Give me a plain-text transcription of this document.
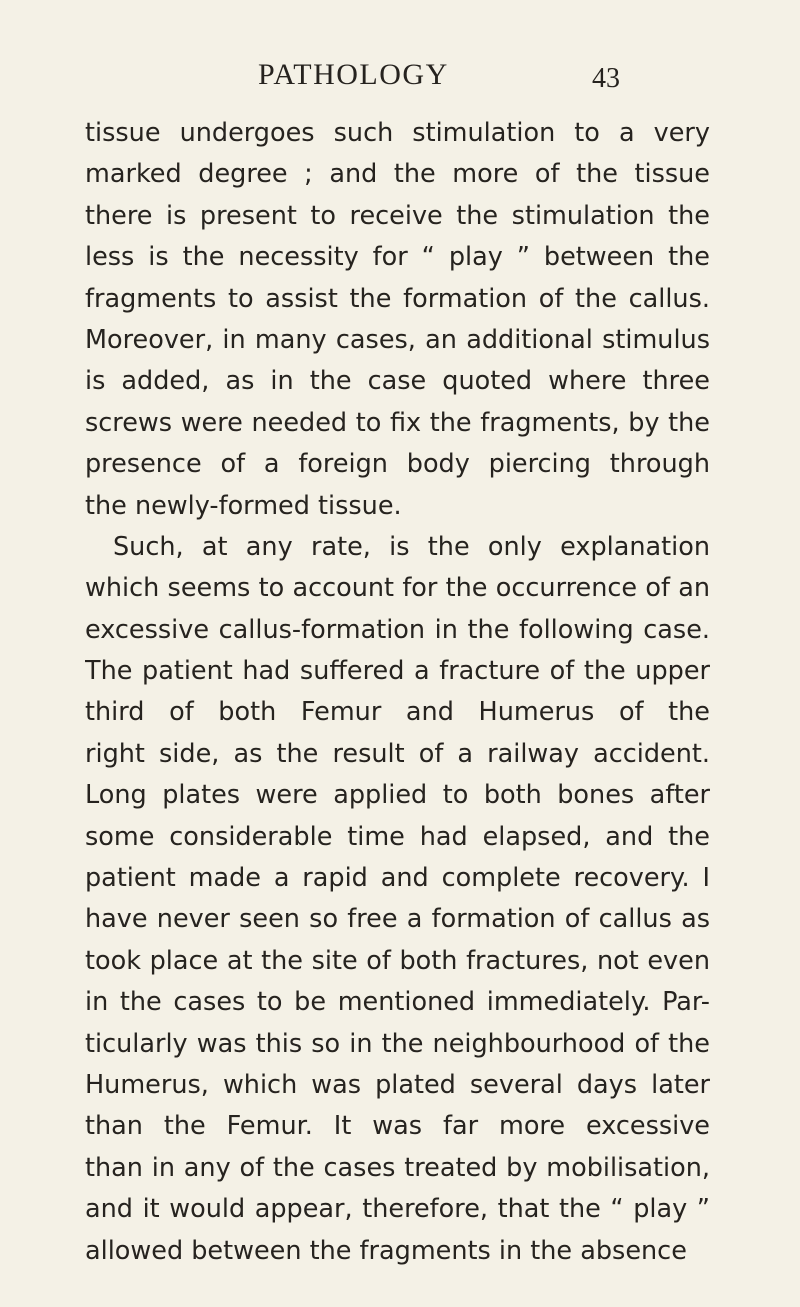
PATHOLOGY	43
tissue undergoes such stimulation to a very
marked degree ; and the more of the tissue
there is present to receive the stimulation the
less is the necessity for “ play ” between the
fragments to assist the formation of the callus.
Moreover, in many cases, an additional stimulus
is added, as in the case quoted where three
screws were needed to fix the fragments, by the
presence of a foreign body piercing through
the newly-formed tissue.
Such, at any rate, is the only explanation
which seems to account for the occurrence of an
excessive callus-formation in the following case.
The patient had suffered a fracture of the upper
third of both Femur and Humerus of the
right side, as the result of a railway accident.
Long plates were applied to both bones after
some considerable time had elapsed, and the
patient made a rapid and complete recovery. I
have never seen so free a formation of callus as
took place at the site of both fractures, not even
in the cases to be mentioned immediately. Par-
ticularly was this so in the neighbourhood of the
Humerus, which was plated several days later
than the Femur. It was far more excessive
than in any of the cases treated by mobilisation,
and it would appear, therefore, that the “ play ”
allowed between the fragments in the absence
